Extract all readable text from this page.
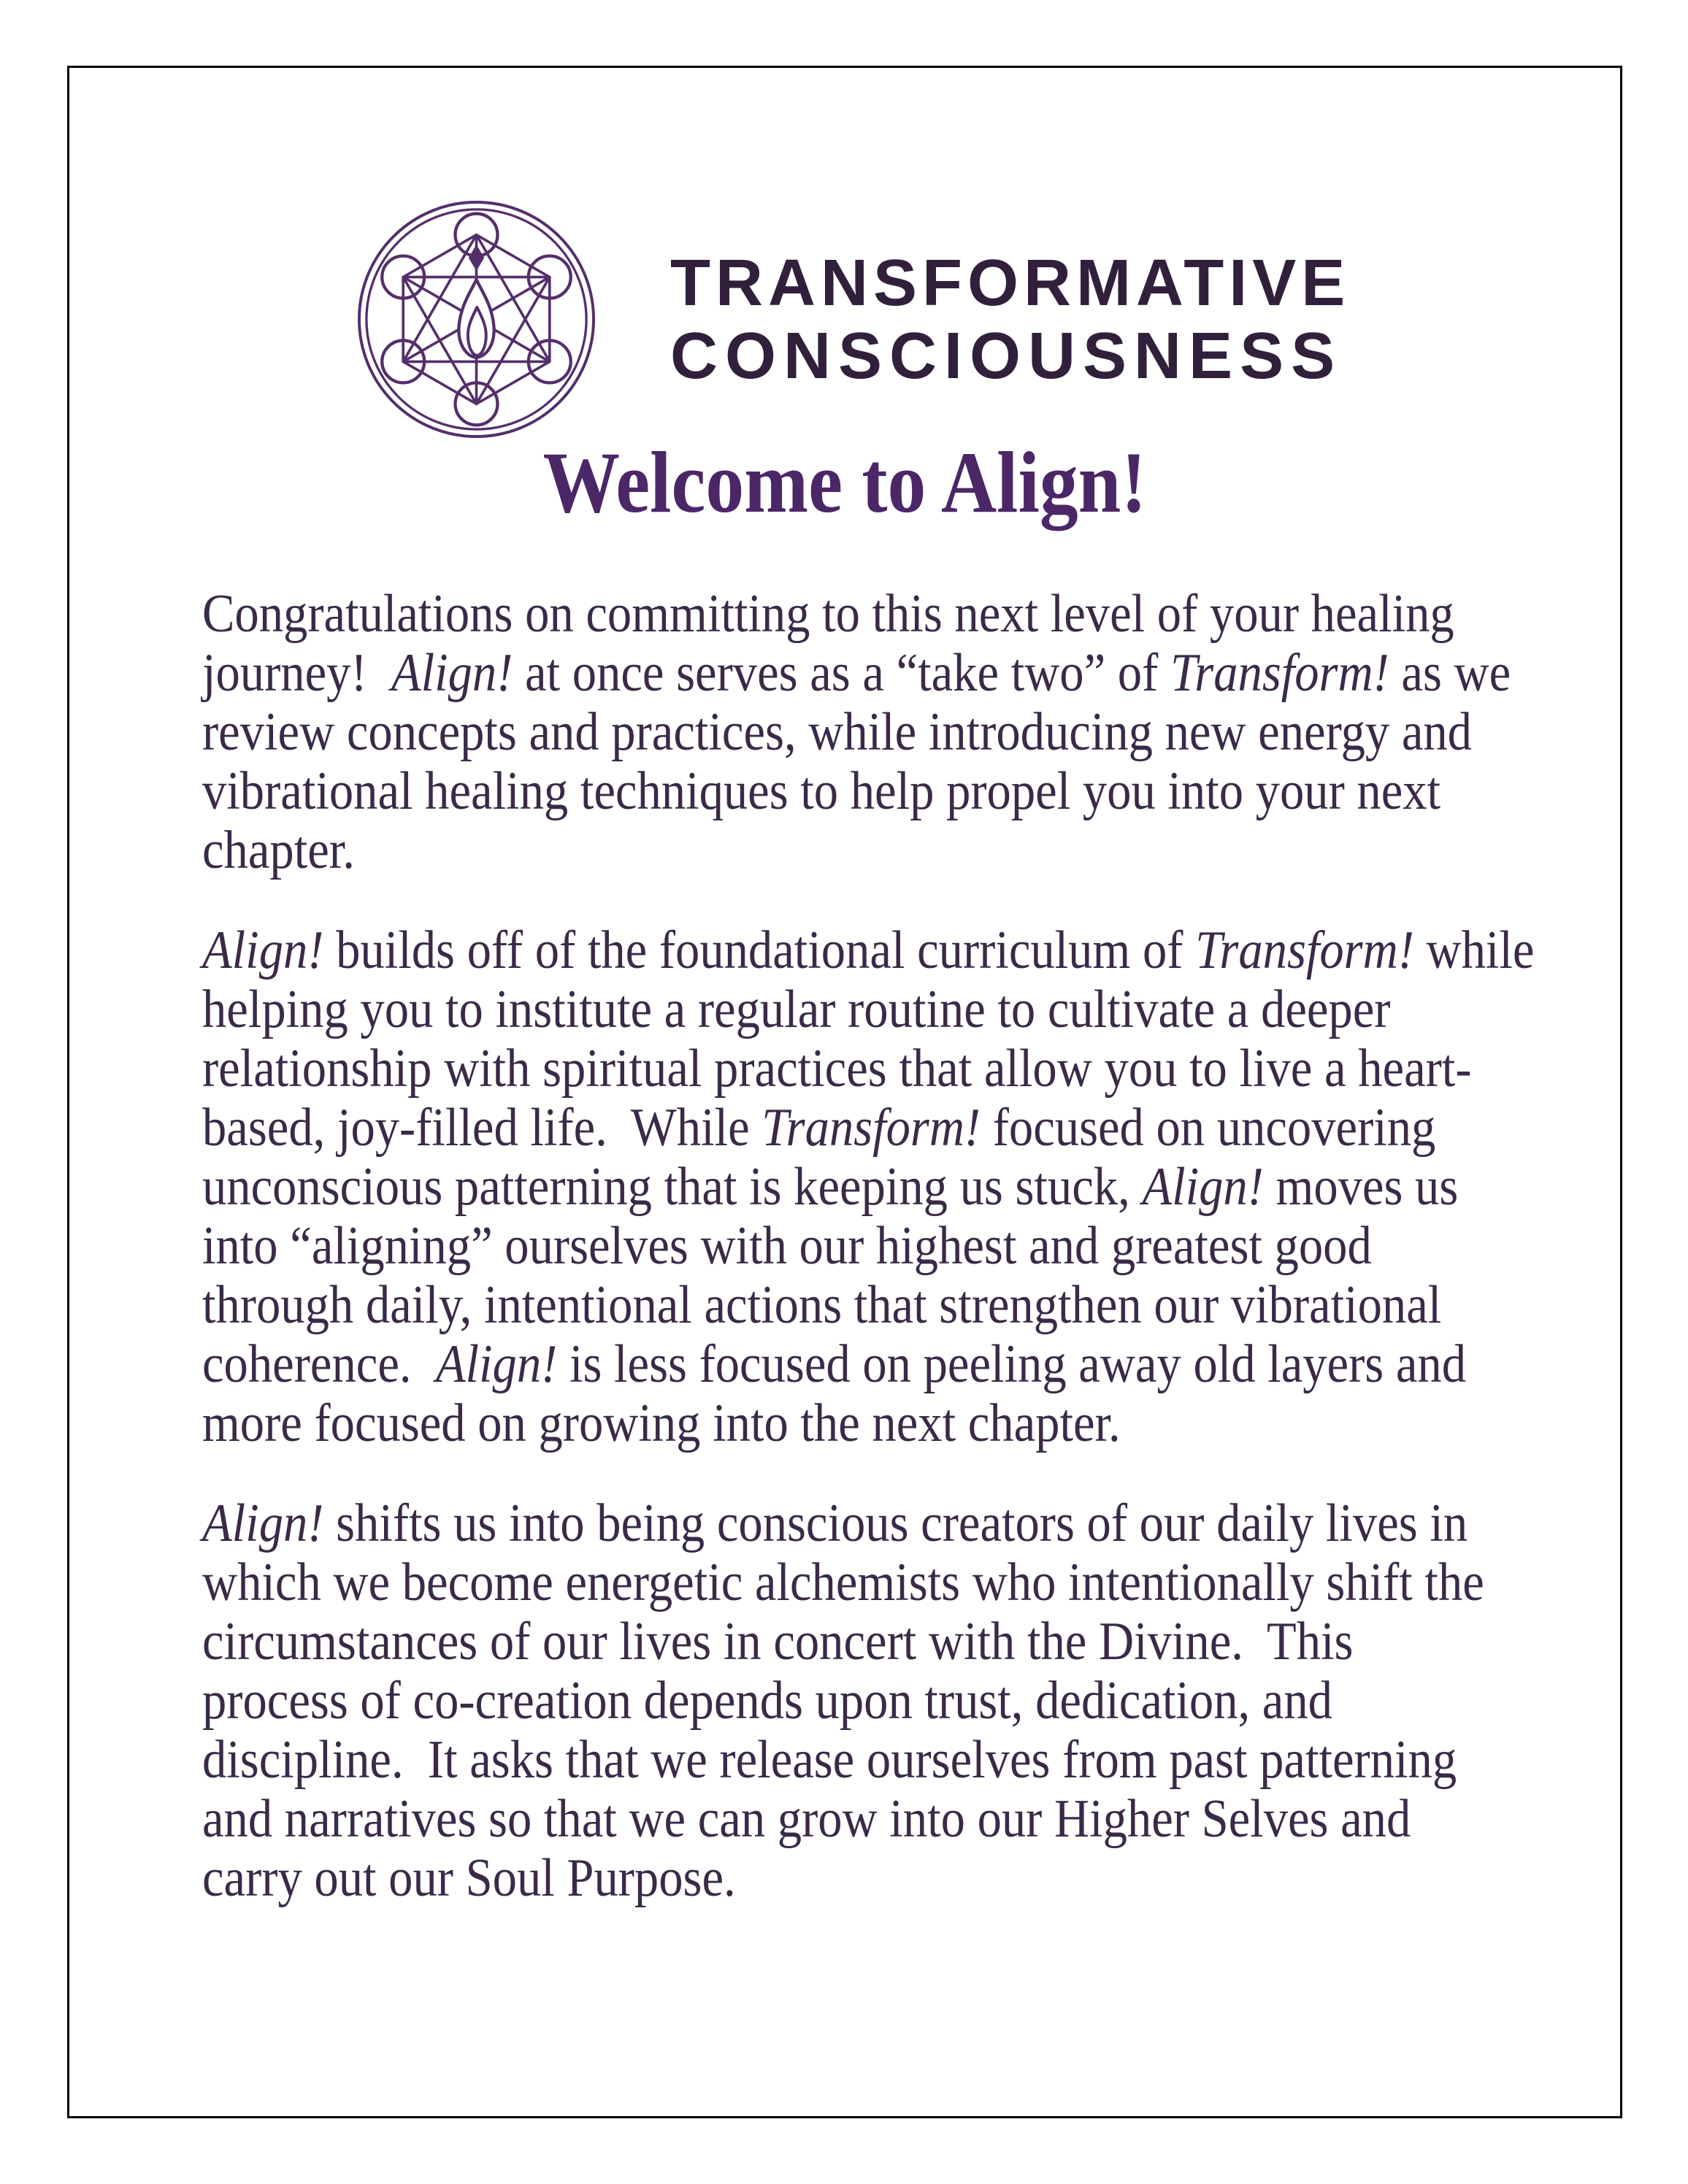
TRANSFORMATIVE
CONSCIOUSNESS
Welcome to Align!
Congratulations on committing to this next level of your healing
journey!  Align! at once serves as a “take two” of Transform! as we
review concepts and practices, while introducing new energy and
vibrational healing techniques to help propel you into your next
chapter.
Align! builds off of the foundational curriculum of Transform! while
helping you to institute a regular routine to cultivate a deeper
relationship with spiritual practices that allow you to live a heart-
based, joy-filled life.  While Transform! focused on uncovering
unconscious patterning that is keeping us stuck, Align! moves us
into “aligning” ourselves with our highest and greatest good
through daily, intentional actions that strengthen our vibrational
coherence.  Align! is less focused on peeling away old layers and
more focused on growing into the next chapter.
Align! shifts us into being conscious creators of our daily lives in
which we become energetic alchemists who intentionally shift the
circumstances of our lives in concert with the Divine.  This
process of co-creation depends upon trust, dedication, and
discipline.  It asks that we release ourselves from past patterning
and narratives so that we can grow into our Higher Selves and
carry out our Soul Purpose.
